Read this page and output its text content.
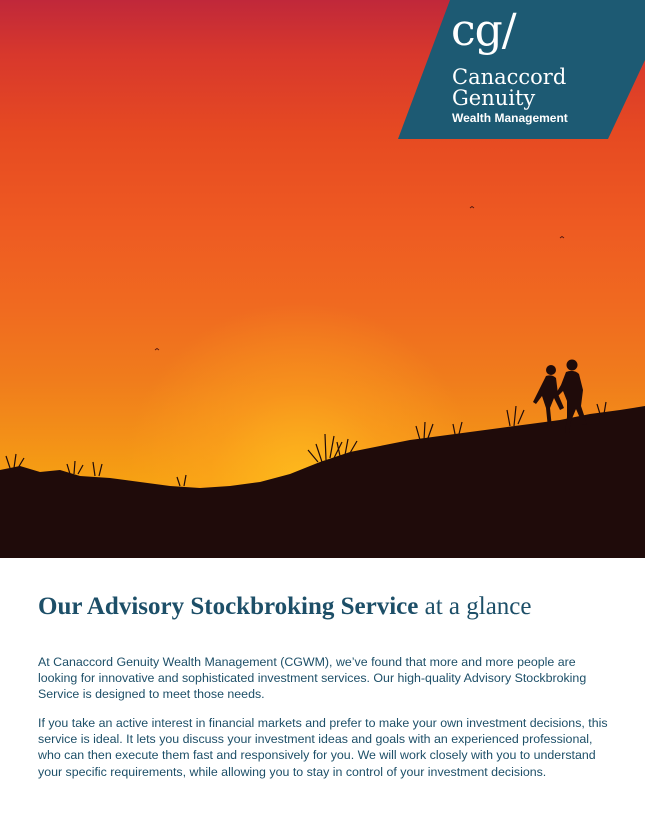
cg/
Canaccord
Genuity
Wealth Management
Our Advisory Stockbroking Service at a glance

At Canaccord Genuity Wealth Management (CGWM), we’ve found that more and more people are looking for innovative and sophisticated investment services. Our high-quality Advisory Stockbroking Service is designed to meet those needs.

If you take an active interest in financial markets and prefer to make your own investment decisions, this service is ideal. It lets you discuss your investment ideas and goals with an experienced professional, who can then execute them fast and responsively for you. We will work closely with you to understand your specific requirements, while allowing you to stay in control of your investment decisions.
